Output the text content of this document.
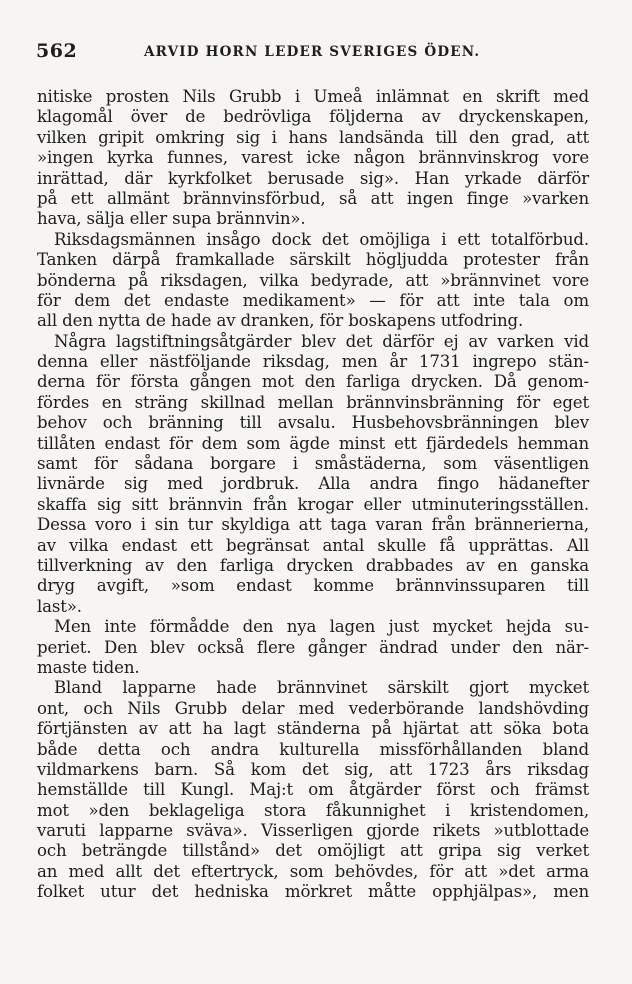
562	ARVID HORN LEDER SVERIGES ÖDEN.
nitiske prosten Nils Grubb i Umeå inlämnat en skrift med
klagomål över de bedrövliga följderna av dryckenskapen,
vilken gripit omkring sig i hans landsända till den grad, att
»ingen kyrka funnes, varest icke någon brännvinskrog vore
inrättad, där kyrkfolket berusade sig». Han yrkade därför
på ett allmänt brännvinsförbud, så att ingen finge »varken
hava, sälja eller supa brännvin».
Riksdagsmännen insågo dock det omöjliga i ett totalförbud.
Tanken därpå framkallade särskilt högljudda protester från
bönderna på riksdagen, vilka bedyrade, att »brännvinet vore
för dem det endaste medikament» — för att inte tala om
all den nytta de hade av dranken, för boskapens utfodring.
Några lagstiftningsåtgärder blev det därför ej av varken vid
denna eller nästföljande riksdag, men år 1731 ingrepo stän-
derna för första gången mot den farliga drycken. Då genom-
fördes en sträng skillnad mellan brännvinsbränning för eget
behov och bränning till avsalu. Husbehovsbränningen blev
tillåten endast för dem som ägde minst ett fjärdedels hemman
samt för sådana borgare i småstäderna, som väsentligen
livnärde sig med jordbruk. Alla andra fingo hädanefter
skaffa sig sitt brännvin från krogar eller utminuteringsställen.
Dessa voro i sin tur skyldiga att taga varan från brännerierna,
av vilka endast ett begränsat antal skulle få upprättas. All
tillverkning av den farliga drycken drabbades av en ganska
dryg avgift, »som endast komme brännvinssuparen till
last».
Men inte förmådde den nya lagen just mycket hejda su-
periet. Den blev också flere gånger ändrad under den när-
maste tiden.
Bland lapparne hade brännvinet särskilt gjort mycket
ont, och Nils Grubb delar med vederbörande landshövding
förtjänsten av att ha lagt ständerna på hjärtat att söka bota
både detta och andra kulturella missförhållanden bland
vildmarkens barn. Så kom det sig, att 1723 års riksdag
hemställde till Kungl. Maj:t om åtgärder först och främst
mot »den beklageliga stora fåkunnighet i kristendomen,
varuti lapparne sväva». Visserligen gjorde rikets »utblottade
och beträngde tillstånd» det omöjligt att gripa sig verket
an med allt det eftertryck, som behövdes, för att »det arma
folket utur det hedniska mörkret måtte opphjälpas», men
